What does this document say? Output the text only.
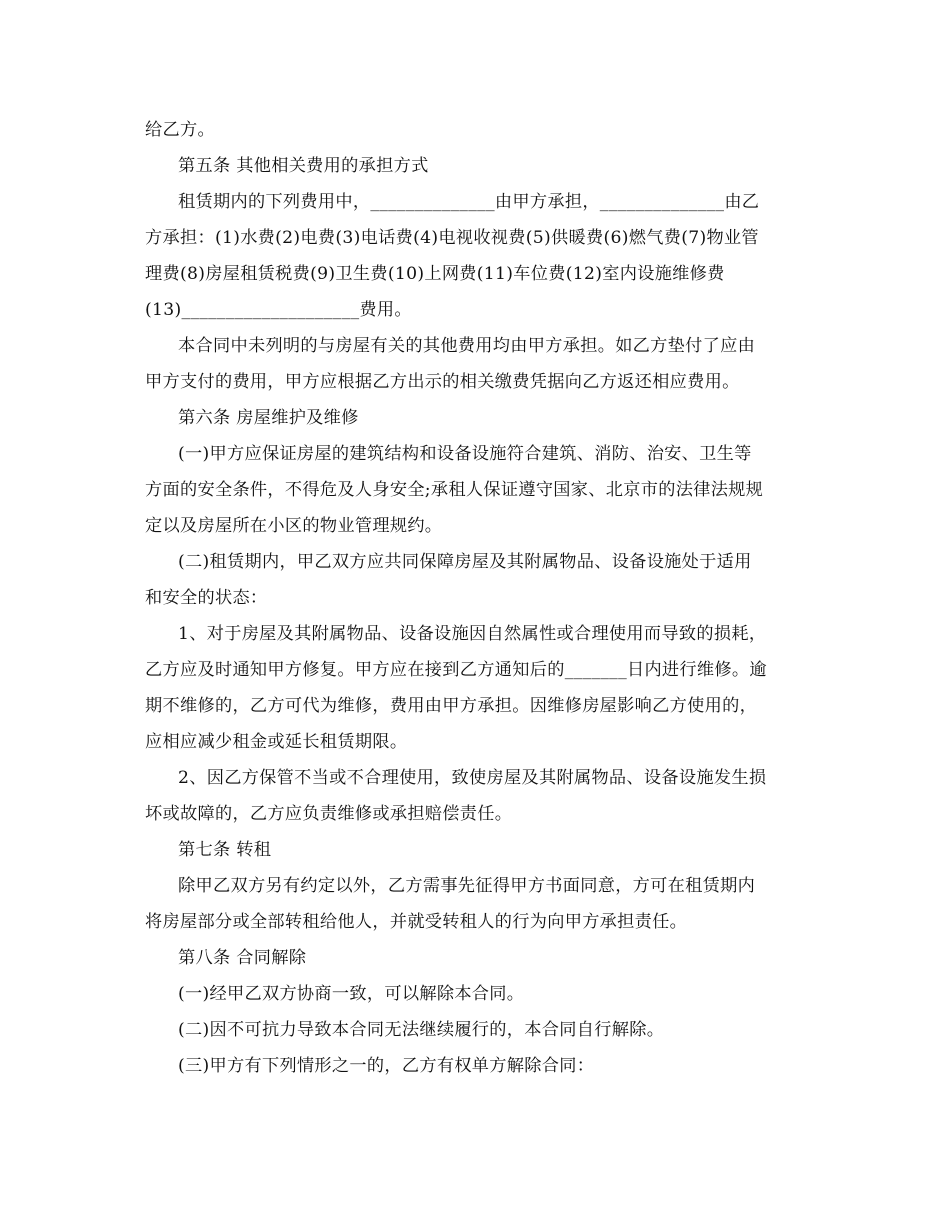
给乙方。
第五条 其他相关费用的承担方式
租赁期内的下列费用中，______________由甲方承担，______________由乙
方承担：(1)水费(2)电费(3)电话费(4)电视收视费(5)供暖费(6)燃气费(7)物业管
理费(8)房屋租赁税费(9)卫生费(10)上网费(11)车位费(12)室内设施维修费
(13)____________________费用。
本合同中未列明的与房屋有关的其他费用均由甲方承担。如乙方垫付了应由
甲方支付的费用，甲方应根据乙方出示的相关缴费凭据向乙方返还相应费用。
第六条 房屋维护及维修
(一)甲方应保证房屋的建筑结构和设备设施符合建筑、消防、治安、卫生等
方面的安全条件，不得危及人身安全;承租人保证遵守国家、北京市的法律法规规
定以及房屋所在小区的物业管理规约。
(二)租赁期内，甲乙双方应共同保障房屋及其附属物品、设备设施处于适用
和安全的状态：
1、对于房屋及其附属物品、设备设施因自然属性或合理使用而导致的损耗，
乙方应及时通知甲方修复。甲方应在接到乙方通知后的_______日内进行维修。逾
期不维修的，乙方可代为维修，费用由甲方承担。因维修房屋影响乙方使用的，
应相应减少租金或延长租赁期限。
2、因乙方保管不当或不合理使用，致使房屋及其附属物品、设备设施发生损
坏或故障的，乙方应负责维修或承担赔偿责任。
第七条 转租
除甲乙双方另有约定以外，乙方需事先征得甲方书面同意，方可在租赁期内
将房屋部分或全部转租给他人，并就受转租人的行为向甲方承担责任。
第八条 合同解除
(一)经甲乙双方协商一致，可以解除本合同。
(二)因不可抗力导致本合同无法继续履行的，本合同自行解除。
(三)甲方有下列情形之一的，乙方有权单方解除合同：
